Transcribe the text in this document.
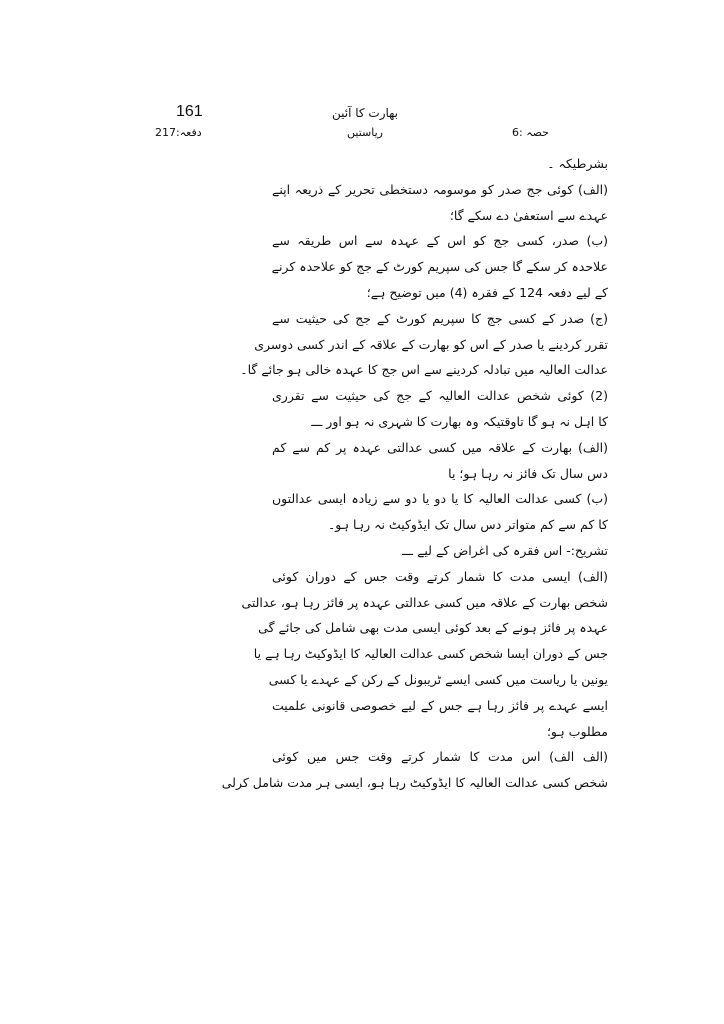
161	بھارت کا آئین
ریاستیں
دفعہ:217	حصہ :6
بشرطیکہ ۔
(الف) کوئی جج صدر کو موسومہ دستخطی تحریر کے ذریعہ اپنے
عہدے سے استعفیٰ دے سکے گا؛
(ب) صدر، کسی جج کو اس کے عہدہ سے اس طریقہ سے
علاحدہ کر سکے گا جس کی سپریم کورٹ کے جج کو علاحدہ کرنے
کے لیے دفعہ 124 کے فقرہ (4) میں توضیح ہے؛
(ج) صدر کے کسی جج کا سپریم کورٹ کے جج کی حیثیت سے
تقرر کردینے یا صدر کے اس کو بھارت کے علاقہ کے اندر کسی دوسری
عدالت العالیہ میں تبادلہ کردینے سے اس جج کا عہدہ خالی ہو جائے گا۔
(2) کوئی شخص عدالت العالیہ کے جج کی حیثیت سے تقرری
کا اہل نہ ہو گا تاوقتیکہ وہ بھارت کا شہری نہ ہو اور ـــ
(الف) بھارت کے علاقہ میں کسی عدالتی عہدہ پر کم سے کم
دس سال تک فائز نہ رہا ہو؛ یا
(ب) کسی عدالت العالیہ کا یا دو یا دو سے زیادہ ایسی عدالتوں
کا کم سے کم متواتر دس سال تک ایڈوکیٹ نہ رہا ہو۔
تشریح:- اس فقرہ کی اغراض کے لیے ـــ
(الف) ایسی مدت کا شمار کرتے وقت جس کے دوران کوئی
شخص بھارت کے علاقہ میں کسی عدالتی عہدہ پر فائز رہا ہو، عدالتی
عہدہ پر فائز ہونے کے بعد کوئی ایسی مدت بھی شامل کی جائے گی
جس کے دوران ایسا شخص کسی عدالت العالیہ کا ایڈوکیٹ رہا ہے یا
یونین یا ریاست میں کسی ایسے ٹریبونل کے رکن کے عہدے یا کسی
ایسے عہدے پر فائز رہا ہے جس کے لیے خصوصی قانونی علمیت
مطلوب ہو؛
(الف الف) اس مدت کا شمار کرتے وقت جس میں کوئی
شخص کسی عدالت العالیہ کا ایڈوکیٹ رہا ہو، ایسی ہر مدت شامل کرلی
